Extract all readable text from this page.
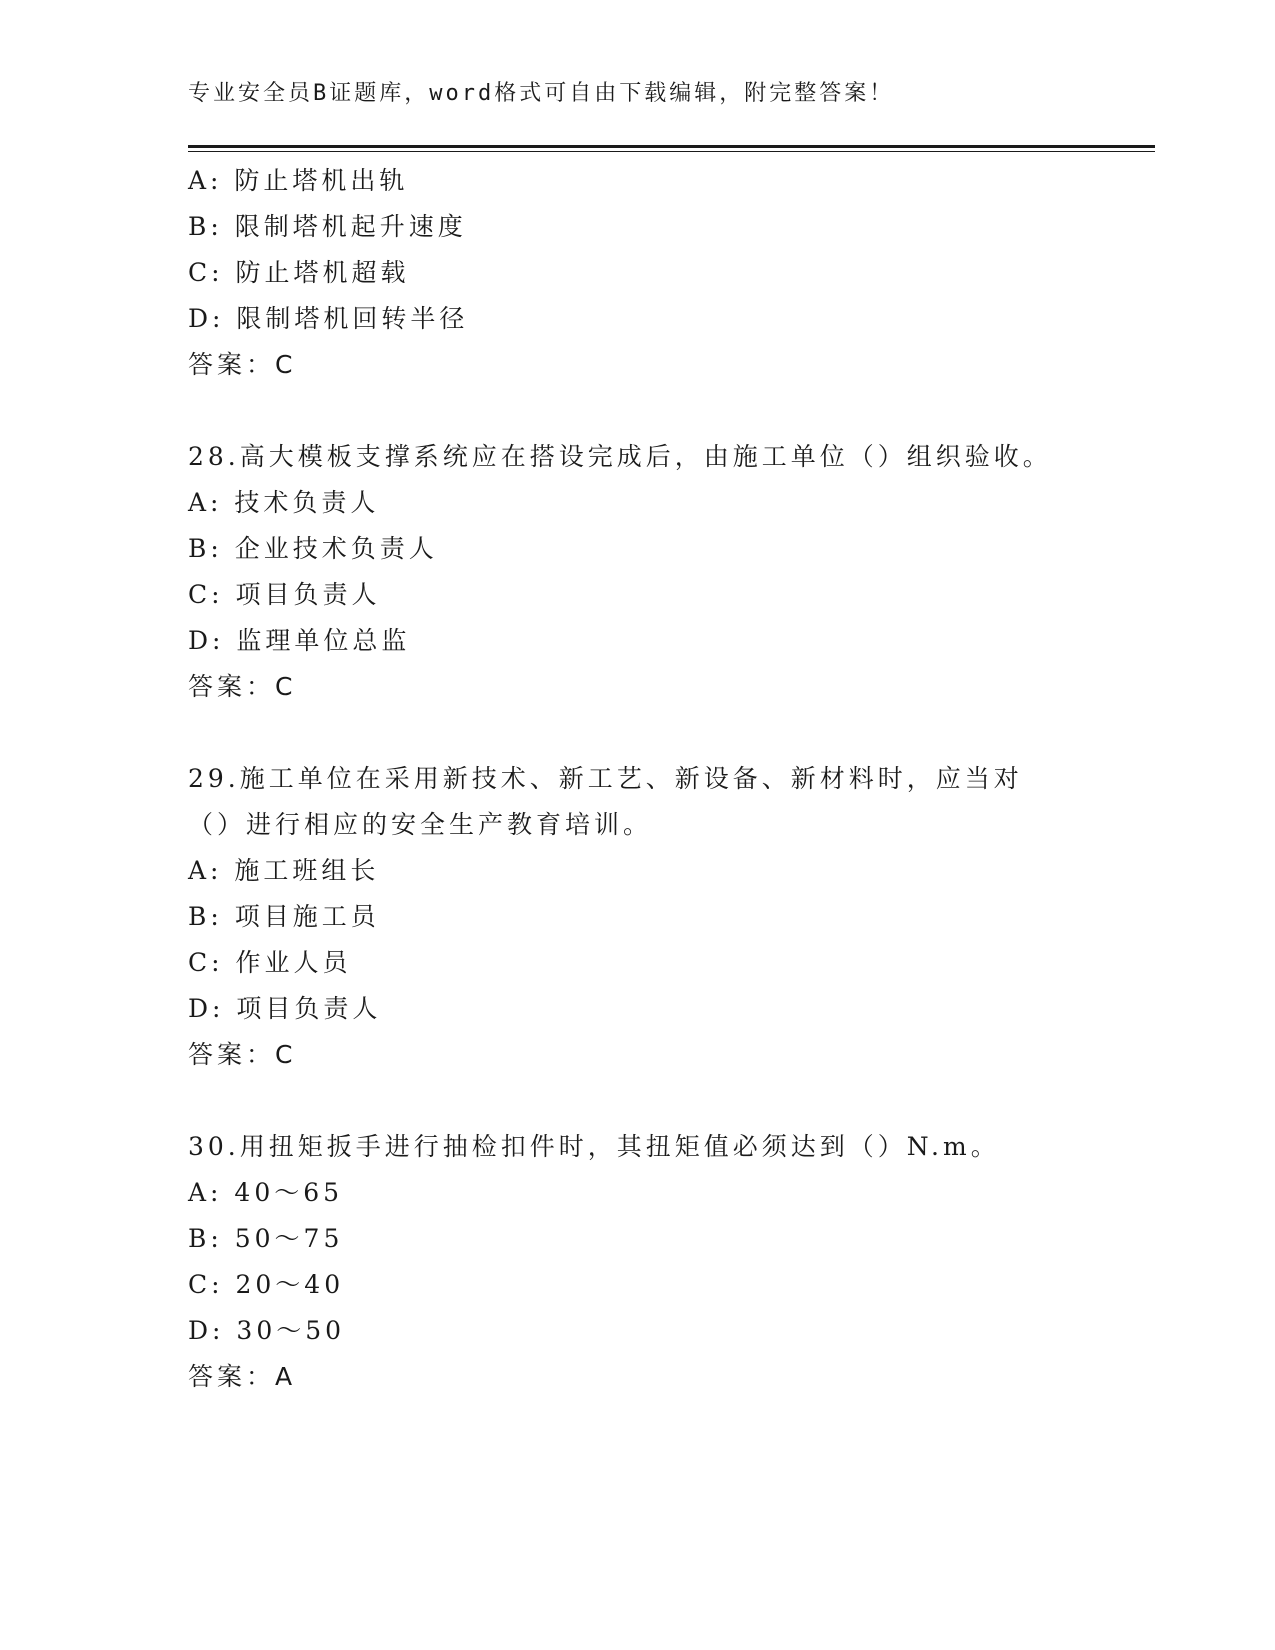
专业安全员B证题库，word格式可自由下载编辑，附完整答案！
A: 防止塔机出轨
B: 限制塔机起升速度
C: 防止塔机超载
D: 限制塔机回转半径
答案：C
28.高大模板支撑系统应在搭设完成后，由施工单位（）组织验收。
A: 技术负责人
B: 企业技术负责人
C: 项目负责人
D: 监理单位总监
答案：C
29.施工单位在采用新技术、新工艺、新设备、新材料时，应当对（）进行相应的安全生产教育培训。
A: 施工班组长
B: 项目施工员
C: 作业人员
D: 项目负责人
答案：C
30.用扭矩扳手进行抽检扣件时，其扭矩值必须达到（）N.m。
A: 40～65
B: 50～75
C: 20～40
D: 30～50
答案：A
